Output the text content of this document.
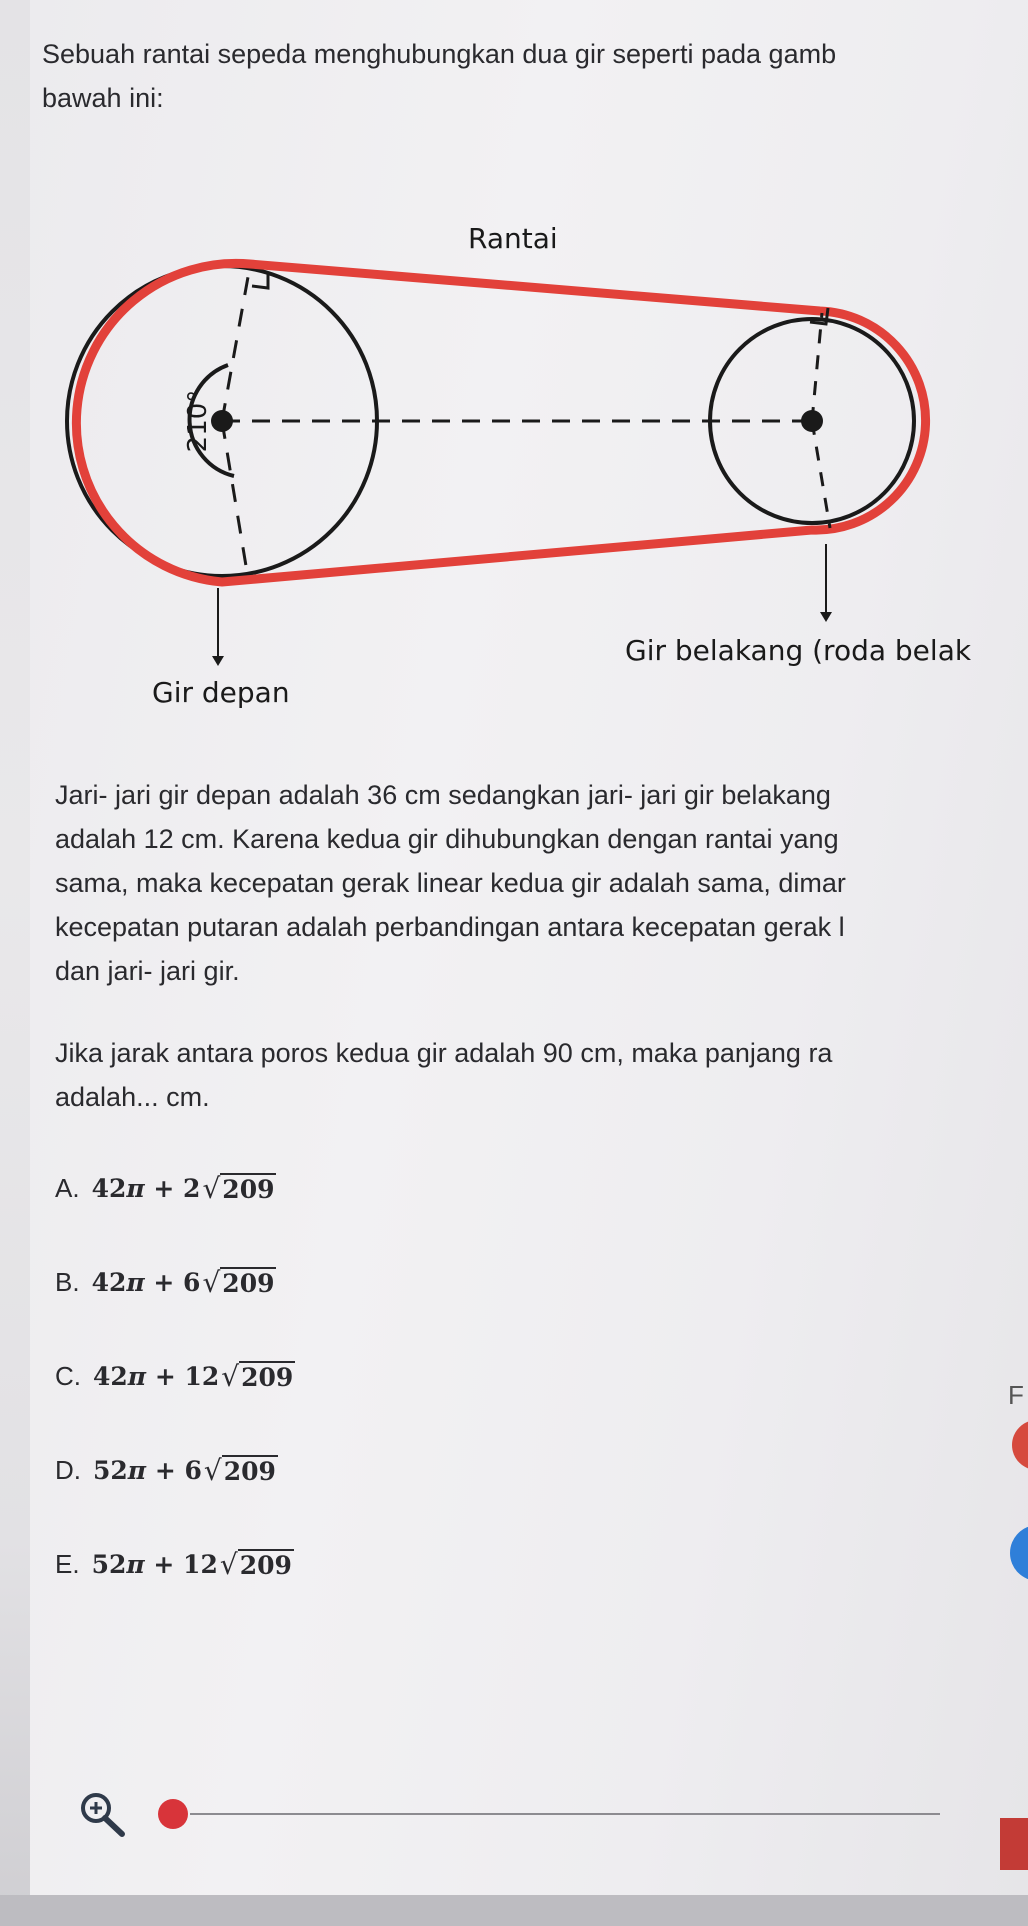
Sebuah rantai sepeda menghubungkan dua gir seperti pada gamb
bawah ini:
210°
Rantai
Gir depan
Gir belakang (roda belak
Jari- jari gir depan adalah 36 cm sedangkan jari- jari gir belakang
adalah 12 cm. Karena kedua gir dihubungkan dengan rantai yang
sama, maka kecepatan gerak linear kedua gir adalah sama, dimar
kecepatan putaran adalah perbandingan antara kecepatan gerak l
dan jari- jari gir.
Jika jarak antara poros kedua gir adalah 90 cm, maka panjang ra
adalah... cm.
A. 42 π + 2 √ 209
B. 42 π + 6 √ 209
C. 42 π + 12 √ 209
D. 52 π + 6 √ 209
E. 52 π + 12 √ 209
F
